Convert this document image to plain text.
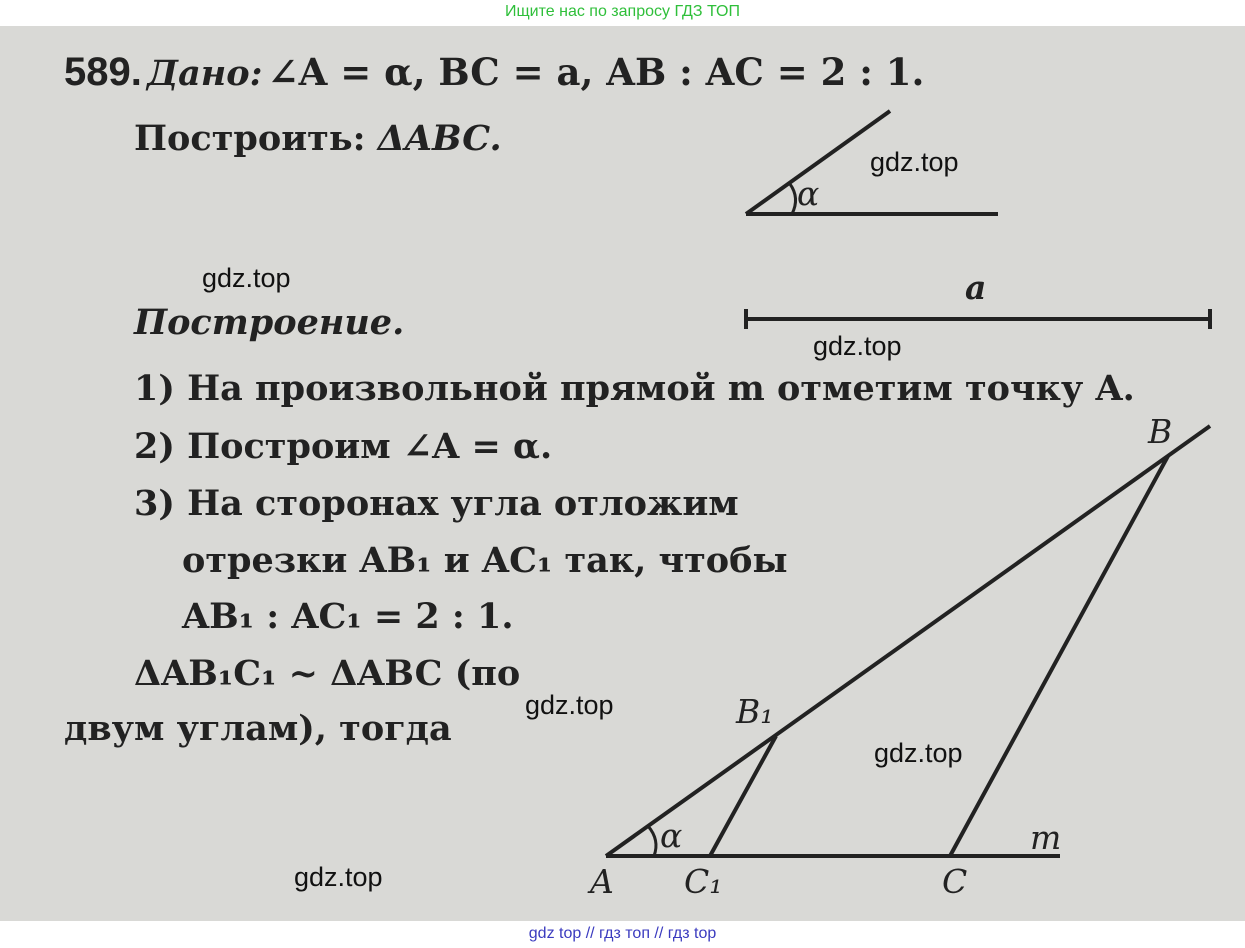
Ищите нас по запросу ГДЗ ТОП
589. Дано: ∠A = α, BC = a, AB : AC = 2 : 1.
Построить: ΔABC.
Построение.
1) На произвольной прямой m отметим точку A.
2) Построим ∠A = α.
3) На сторонах угла отложим
отрезки AB₁ и AC₁ так, чтобы
AB₁ : AC₁ = 2 : 1.
ΔAB₁C₁ ~ ΔABC (по
двум углам), тогда
α
a
B
B₁
α	m
A C₁	C
gdz.top
gdz.top
gdz.top
gdz.top
gdz.top
gdz.top
gdz top // гдз топ // гдз top
